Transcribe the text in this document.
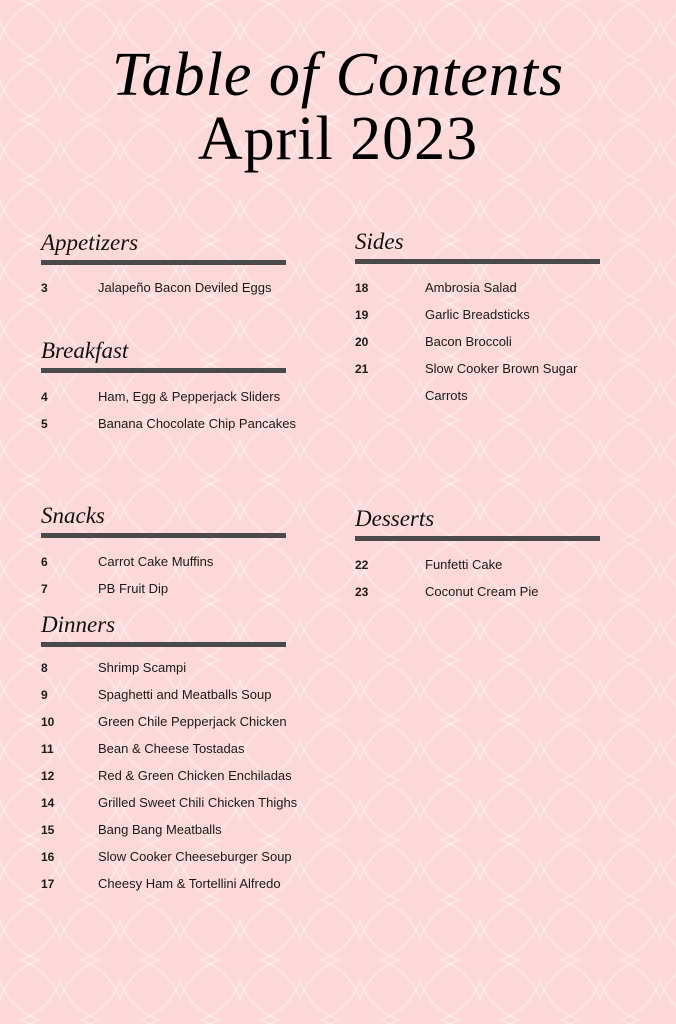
Table of Contents
April 2023
Appetizers
3	Jalapeño Bacon Deviled Eggs
Breakfast
4	Ham, Egg & Pepperjack Sliders
5	Banana Chocolate Chip Pancakes
Snacks
6	Carrot Cake Muffins
7	PB Fruit Dip
Dinners
8	Shrimp Scampi
9	Spaghetti and Meatballs Soup
10	Green Chile Pepperjack Chicken
11	Bean & Cheese Tostadas
12	Red & Green Chicken Enchiladas
14	Grilled Sweet Chili Chicken Thighs
15	Bang Bang Meatballs
16	Slow Cooker Cheeseburger Soup
17	Cheesy Ham & Tortellini Alfredo
Sides
18	Ambrosia Salad
19	Garlic Breadsticks
20	Bacon Broccoli
21	Slow Cooker Brown Sugar Carrots
Desserts
22	Funfetti Cake
23	Coconut Cream Pie
